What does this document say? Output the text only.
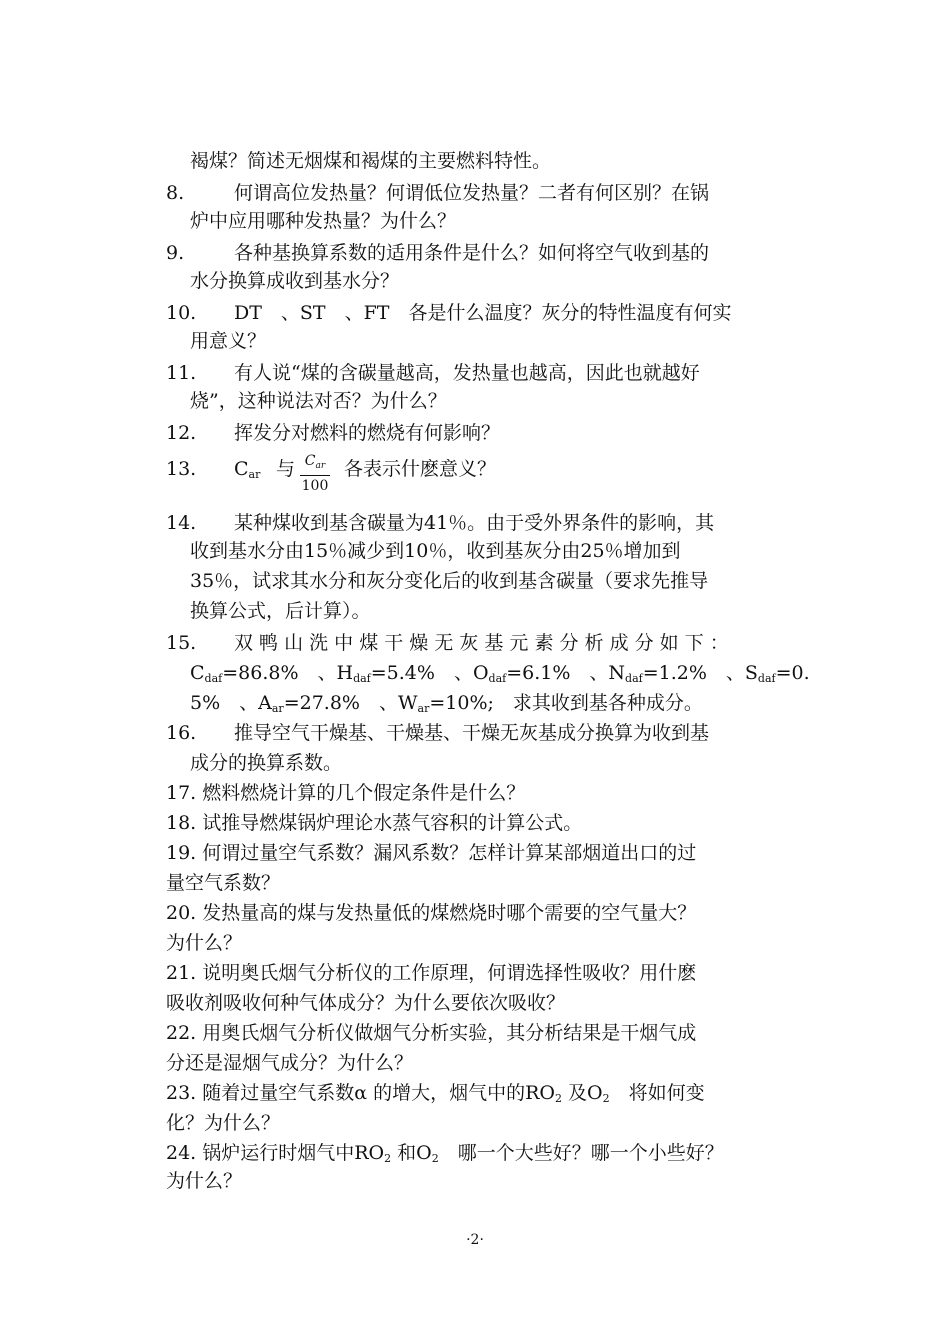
褐煤？简述无烟煤和褐煤的主要燃料特性。
8.	何谓高位发热量？何谓低位发热量？二者有何区别？在锅
炉中应用哪种发热量？为什么？
9.	各种基换算系数的适用条件是什么？如何将空气收到基的
水分换算成收到基水分？
10. DT　、ST　、FT　各是什么温度？灰分的特性温度有何实
用意义？
11. 有人说“煤的含碳量越高，发热量也越高，因此也就越好
烧”，这种说法对否？为什么？
12. 挥发分对燃料的燃烧有何影响？
13. $C_{ar}$ 与	各表示什麽意义？
$C_{ar}$
100
14. 某种煤收到基含碳量为41％。由于受外界条件的影响，其
收到基水分由15％减少到10％，收到基灰分由25％增加到
35％，试求其水分和灰分变化后的收到基含碳量（要求先推导
换算公式，后计算）。
15. 双 鸭 山 洗 中 煤 干 燥 无 灰 基 元 素 分 析 成 分 如 下 ：
$C_{daf}=86.8\%$　、$H_{daf}=5.4\%$　、$O_{daf}=6.1\%$　、$N_{daf}=1.2\%$　、$S_{daf}=0$.
5%　、$A_{ar}=27.8\%$　、$W_{ar}=10\%$;　求其收到基各种成分。
16. 推导空气干燥基、干燥基、干燥无灰基成分换算为收到基
成分的换算系数。
17. 燃料燃烧计算的几个假定条件是什么？
18. 试推导燃煤锅炉理论水蒸气容积的计算公式。
19. 何谓过量空气系数？漏风系数？怎样计算某部烟道出口的过
量空气系数？
20. 发热量高的煤与发热量低的煤燃烧时哪个需要的空气量大？
为什么？
21. 说明奥氏烟气分析仪的工作原理，何谓选择性吸收？用什麽
吸收剂吸收何种气体成分？为什么要依次吸收？
22. 用奥氏烟气分析仪做烟气分析实验，其分析结果是干烟气成
分还是湿烟气成分？为什么？
23. 随着过量空气系数α 的增大，烟气中的$RO_2$ 及$O_2$　将如何变
化？为什么？
24. 锅炉运行时烟气中$RO_2$ 和$O_2$　哪一个大些好？哪一个小些好？
为什么？
·2·
